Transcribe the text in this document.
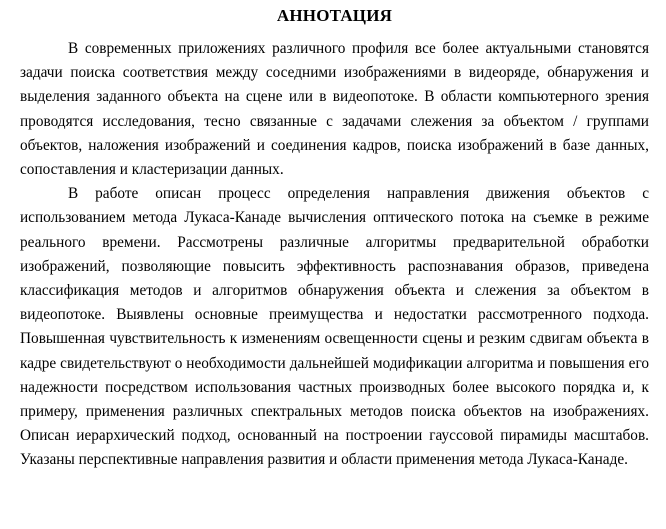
АННОТАЦИЯ

В современных приложениях различного профиля все более актуальными становятся задачи поиска соответствия между соседними изображениями в видеоряде, обнаружения и выделения заданного объекта на сцене или в видеопотоке. В области компьютерного зрения проводятся исследования, тесно связанные с задачами слежения за объектом / группами объектов, наложения изображений и соединения кадров, поиска изображений в базе данных, сопоставления и кластеризации данных.

В работе описан процесс определения направления движения объектов с использованием метода Лукаса-Канаде вычисления оптического потока на съемке в режиме реального времени. Рассмотрены различные алгоритмы предварительной обработки изображений, позволяющие повысить эффективность распознавания образов, приведена классификация методов и алгоритмов обнаружения объекта и слежения за объектом в видеопотоке. Выявлены основные преимущества и недостатки рассмотренного подхода. Повышенная чувствительность к изменениям освещенности сцены и резким сдвигам объекта в кадре свидетельствуют о необходимости дальнейшей модификации алгоритма и повышения его надежности посредством использования частных производных более высокого порядка и, к примеру, применения различных спектральных методов поиска объектов на изображениях. Описан иерархический подход, основанный на построении гауссовой пирамиды масштабов. Указаны перспективные направления развития и области применения метода Лукаса-Канаде.
